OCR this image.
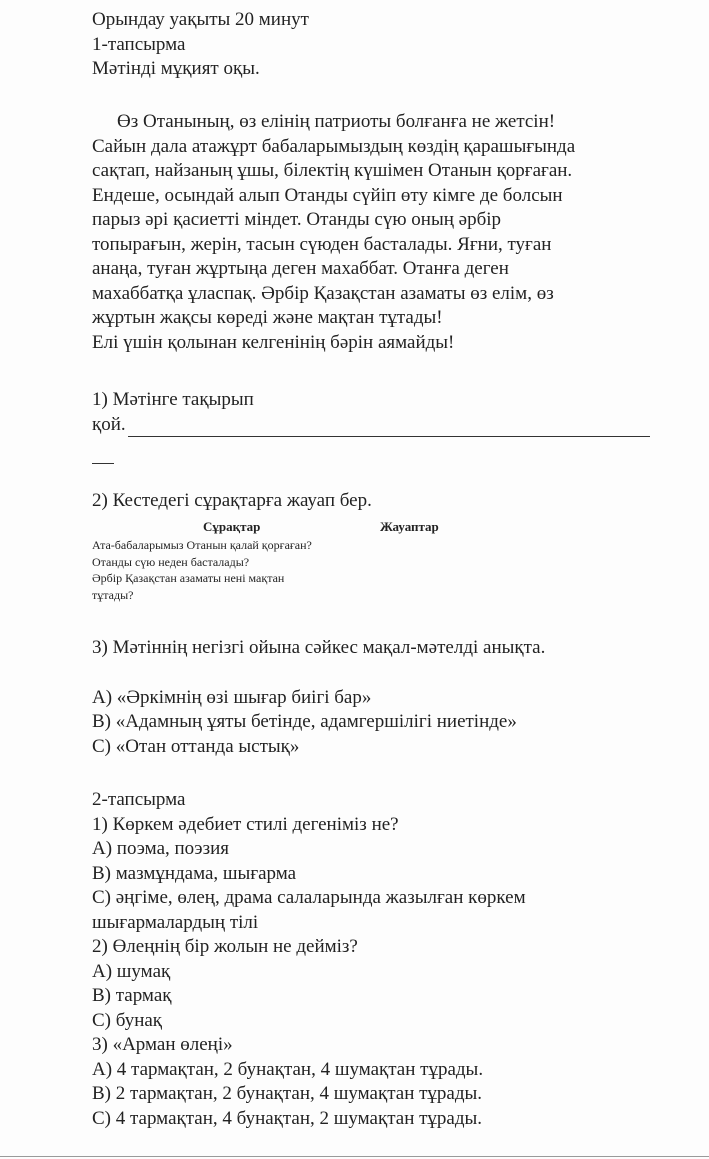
Орындау уақыты 20 минут
1-тапсырма
Мәтінді мұқият оқы.
Өз Отанының, өз елінің патриоты болғанға не жетсін!
Сайын дала атажұрт бабаларымыздың көздің қарашығында
сақтап, найзаның ұшы, білектің күшімен Отанын қорғаған.
Ендеше, осындай алып Отанды сүйіп өту кімге де болсын
парыз әрі қасиетті міндет. Отанды сүю оның әрбір
топырағын, жерін, тасын сүюден басталады. Яғни, туған
анаңа, туған жұртыңа деген махаббат. Отанға деген
махаббатқа ұласпақ. Әрбір Қазақстан азаматы өз елім, өз
жұртын жақсы көреді және мақтан тұтады!
Елі үшін қолынан келгенінің бәрін аямайды!
1) Мәтінге тақырып
қой.
2) Кестедегі сұрақтарға жауап бер.
Сұрақтар	Жауаптар
Ата-бабаларымыз Отанын қалай қорғаған?
Отанды сүю неден басталады?
Әрбір Қазақстан азаматы нені мақтан
тұтады?
3) Мәтіннің негізгі ойына сәйкес мақал-мәтелді анықта.
А) «Әркімнің өзі шығар биігі бар»
В) «Адамның ұяты бетінде, адамгершілігі ниетінде»
С) «Отан оттанда ыстық»
2-тапсырма
1) Көркем әдебиет стилі дегеніміз не?
А) поэма, поэзия
В) мазмұндама, шығарма
С) әңгіме, өлең, драма салаларында жазылған көркем
шығармалардың тілі
2) Өлеңнің бір жолын не дейміз?
А) шумақ
В) тармақ
С) бунақ
3) «Арман өлеңі»
А) 4 тармақтан, 2 бунақтан, 4 шумақтан тұрады.
В) 2 тармақтан, 2 бунақтан, 4 шумақтан тұрады.
С) 4 тармақтан, 4 бунақтан, 2 шумақтан тұрады.
